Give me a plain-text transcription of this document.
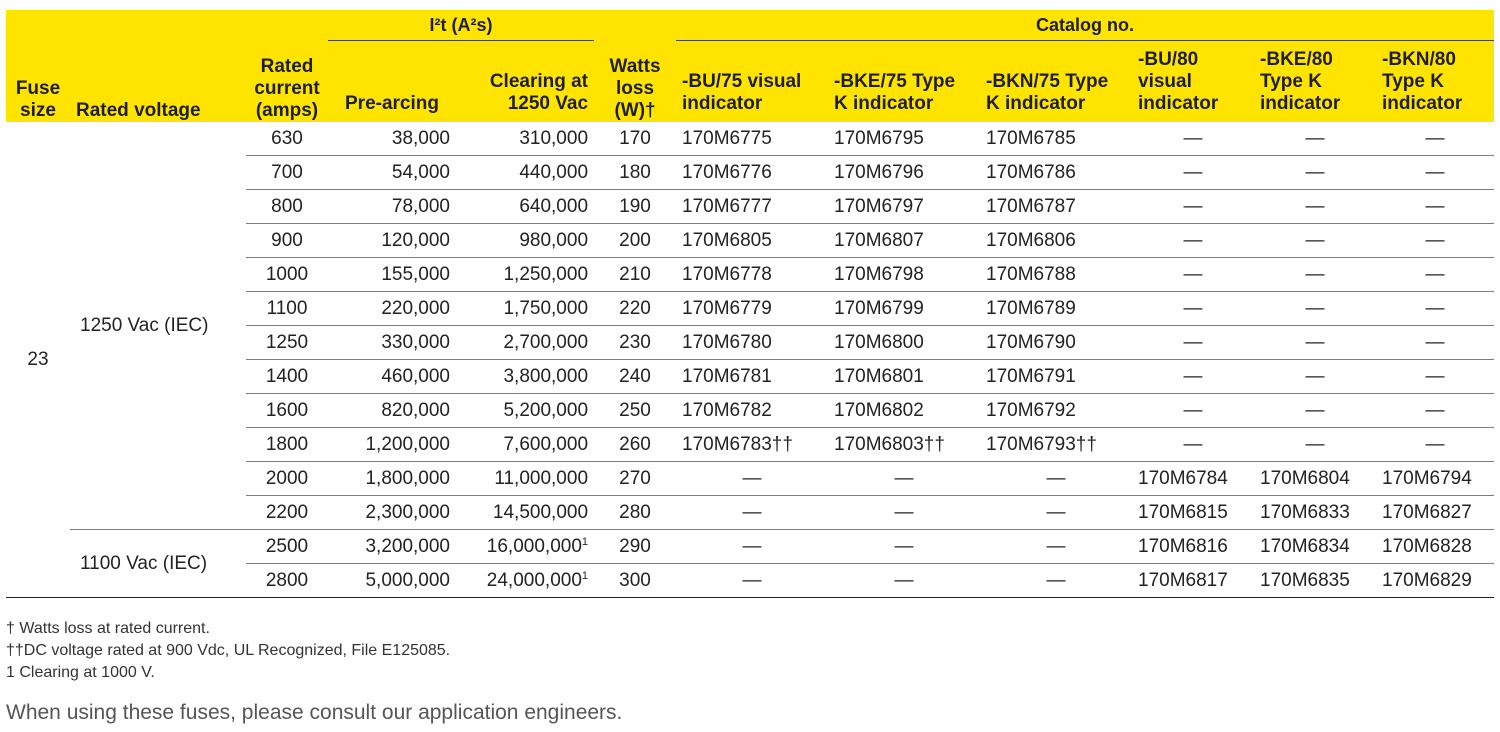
Fuse size	Rated voltage	Rated current (amps)	I²t (A²s)		Watts loss (W)†	Catalog no.					
			Pre-arcing	Clearing at 1250 Vac		-BU/75 visual indicator	-BKE/75 Type K indicator	-BKN/75 Type K indicator	-BU/80 visual indicator	-BKE/80 Type K indicator	-BKN/80 Type K indicator
23	1250 Vac (IEC)	630	38,000	310,000	170	170M6775	170M6795	170M6785	—	—	—
		700	54,000	440,000	180	170M6776	170M6796	170M6786	—	—	—
		800	78,000	640,000	190	170M6777	170M6797	170M6787	—	—	—
		900	120,000	980,000	200	170M6805	170M6807	170M6806	—	—	—
		1000	155,000	1,250,000	210	170M6778	170M6798	170M6788	—	—	—
		1100	220,000	1,750,000	220	170M6779	170M6799	170M6789	—	—	—
		1250	330,000	2,700,000	230	170M6780	170M6800	170M6790	—	—	—
		1400	460,000	3,800,000	240	170M6781	170M6801	170M6791	—	—	—
		1600	820,000	5,200,000	250	170M6782	170M6802	170M6792	—	—	—
		1800	1,200,000	7,600,000	260	170M6783††	170M6803††	170M6793††	—	—	—
		2000	1,800,000	11,000,000	270	—	—	—	170M6784	170M6804	170M6794
		2200	2,300,000	14,500,000	280	—	—	—	170M6815	170M6833	170M6827
	1100 Vac (IEC)	2500	3,200,000	16,000,000$^1$	290	—	—	—	170M6816	170M6834	170M6828
		2800	5,000,000	24,000,000$^1$	300	—	—	—	170M6817	170M6835	170M6829
† Watts loss at rated current.
††DC voltage rated at 900 Vdc, UL Recognized, File E125085.
1 Clearing at 1000 V.
When using these fuses, please consult our application engineers.
